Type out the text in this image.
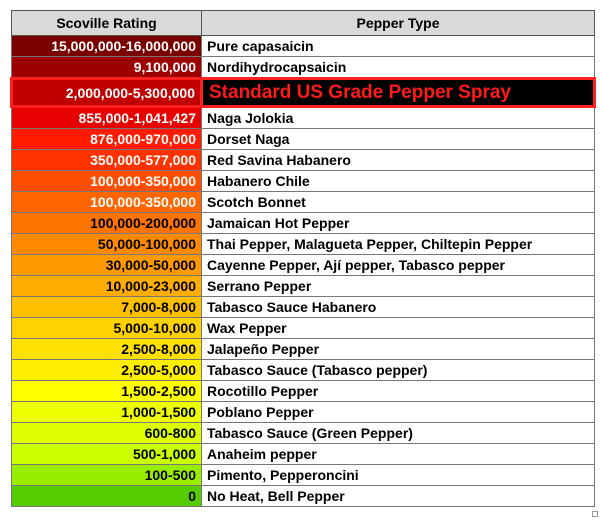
Scoville Rating	Pepper Type
15,000,000-16,000,000	Pure capasaicin
9,100,000	Nordihydrocapsaicin
2,000,000-5,300,000	Standard US Grade Pepper Spray
855,000-1,041,427	Naga Jolokia
876,000-970,000	Dorset Naga
350,000-577,000	Red Savina Habanero
100,000-350,000	Habanero Chile
100,000-350,000	Scotch Bonnet
100,000-200,000	Jamaican Hot Pepper
50,000-100,000	Thai Pepper, Malagueta Pepper, Chiltepin Pepper
30,000-50,000	Cayenne Pepper, Ají pepper, Tabasco pepper
10,000-23,000	Serrano Pepper
7,000-8,000	Tabasco Sauce Habanero
5,000-10,000	Wax Pepper
2,500-8,000	Jalapeño Pepper
2,500-5,000	Tabasco Sauce (Tabasco pepper)
1,500-2,500	Rocotillo Pepper
1,000-1,500	Poblano Pepper
600-800	Tabasco Sauce (Green Pepper)
500-1,000	Anaheim pepper
100-500	Pimento, Pepperoncini
0	No Heat, Bell Pepper
